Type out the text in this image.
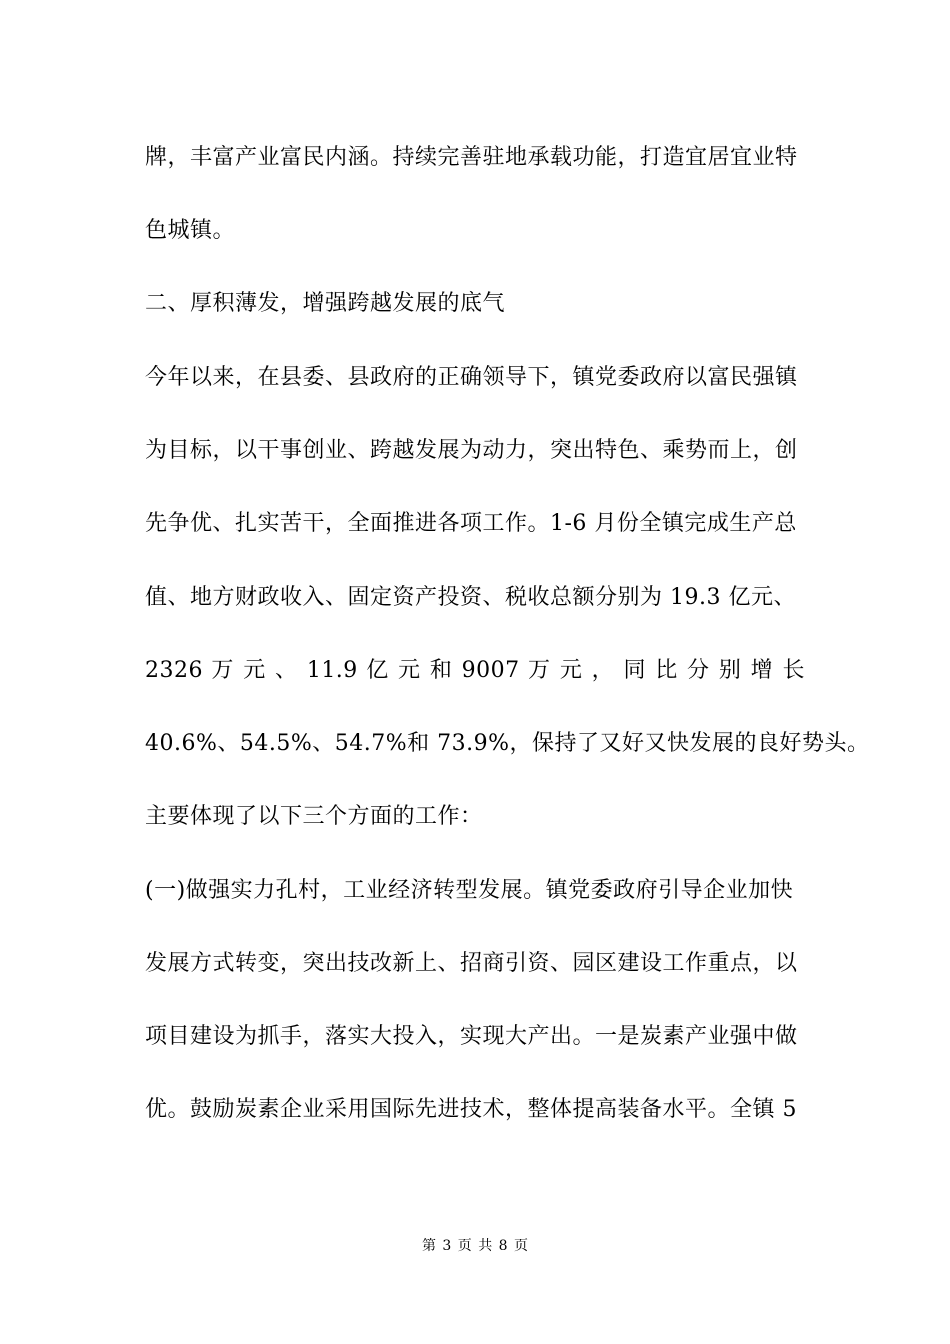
牌，丰富产业富民内涵。持续完善驻地承载功能，打造宜居宜业特
色城镇。
二、厚积薄发，增强跨越发展的底气
今年以来，在县委、县政府的正确领导下，镇党委政府以富民强镇
为目标，以干事创业、跨越发展为动力，突出特色、乘势而上，创
先争优、扎实苦干，全面推进各项工作。1-6 月份全镇完成生产总
值、地方财政收入、固定资产投资、税收总额分别为 19.3 亿元、
2326 万 元 、 11.9 亿 元 和 9007 万 元 ， 同 比 分 别 增 长
40.6%、54.5%、54.7%和 73.9%，保持了又好又快发展的良好势头。
主要体现了以下三个方面的工作：
(一)做强实力孔村，工业经济转型发展。镇党委政府引导企业加快
发展方式转变，突出技改新上、招商引资、园区建设工作重点，以
项目建设为抓手，落实大投入，实现大产出。一是炭素产业强中做
优。鼓励炭素企业采用国际先进技术，整体提高装备水平。全镇 5
第 3 页 共 8 页
